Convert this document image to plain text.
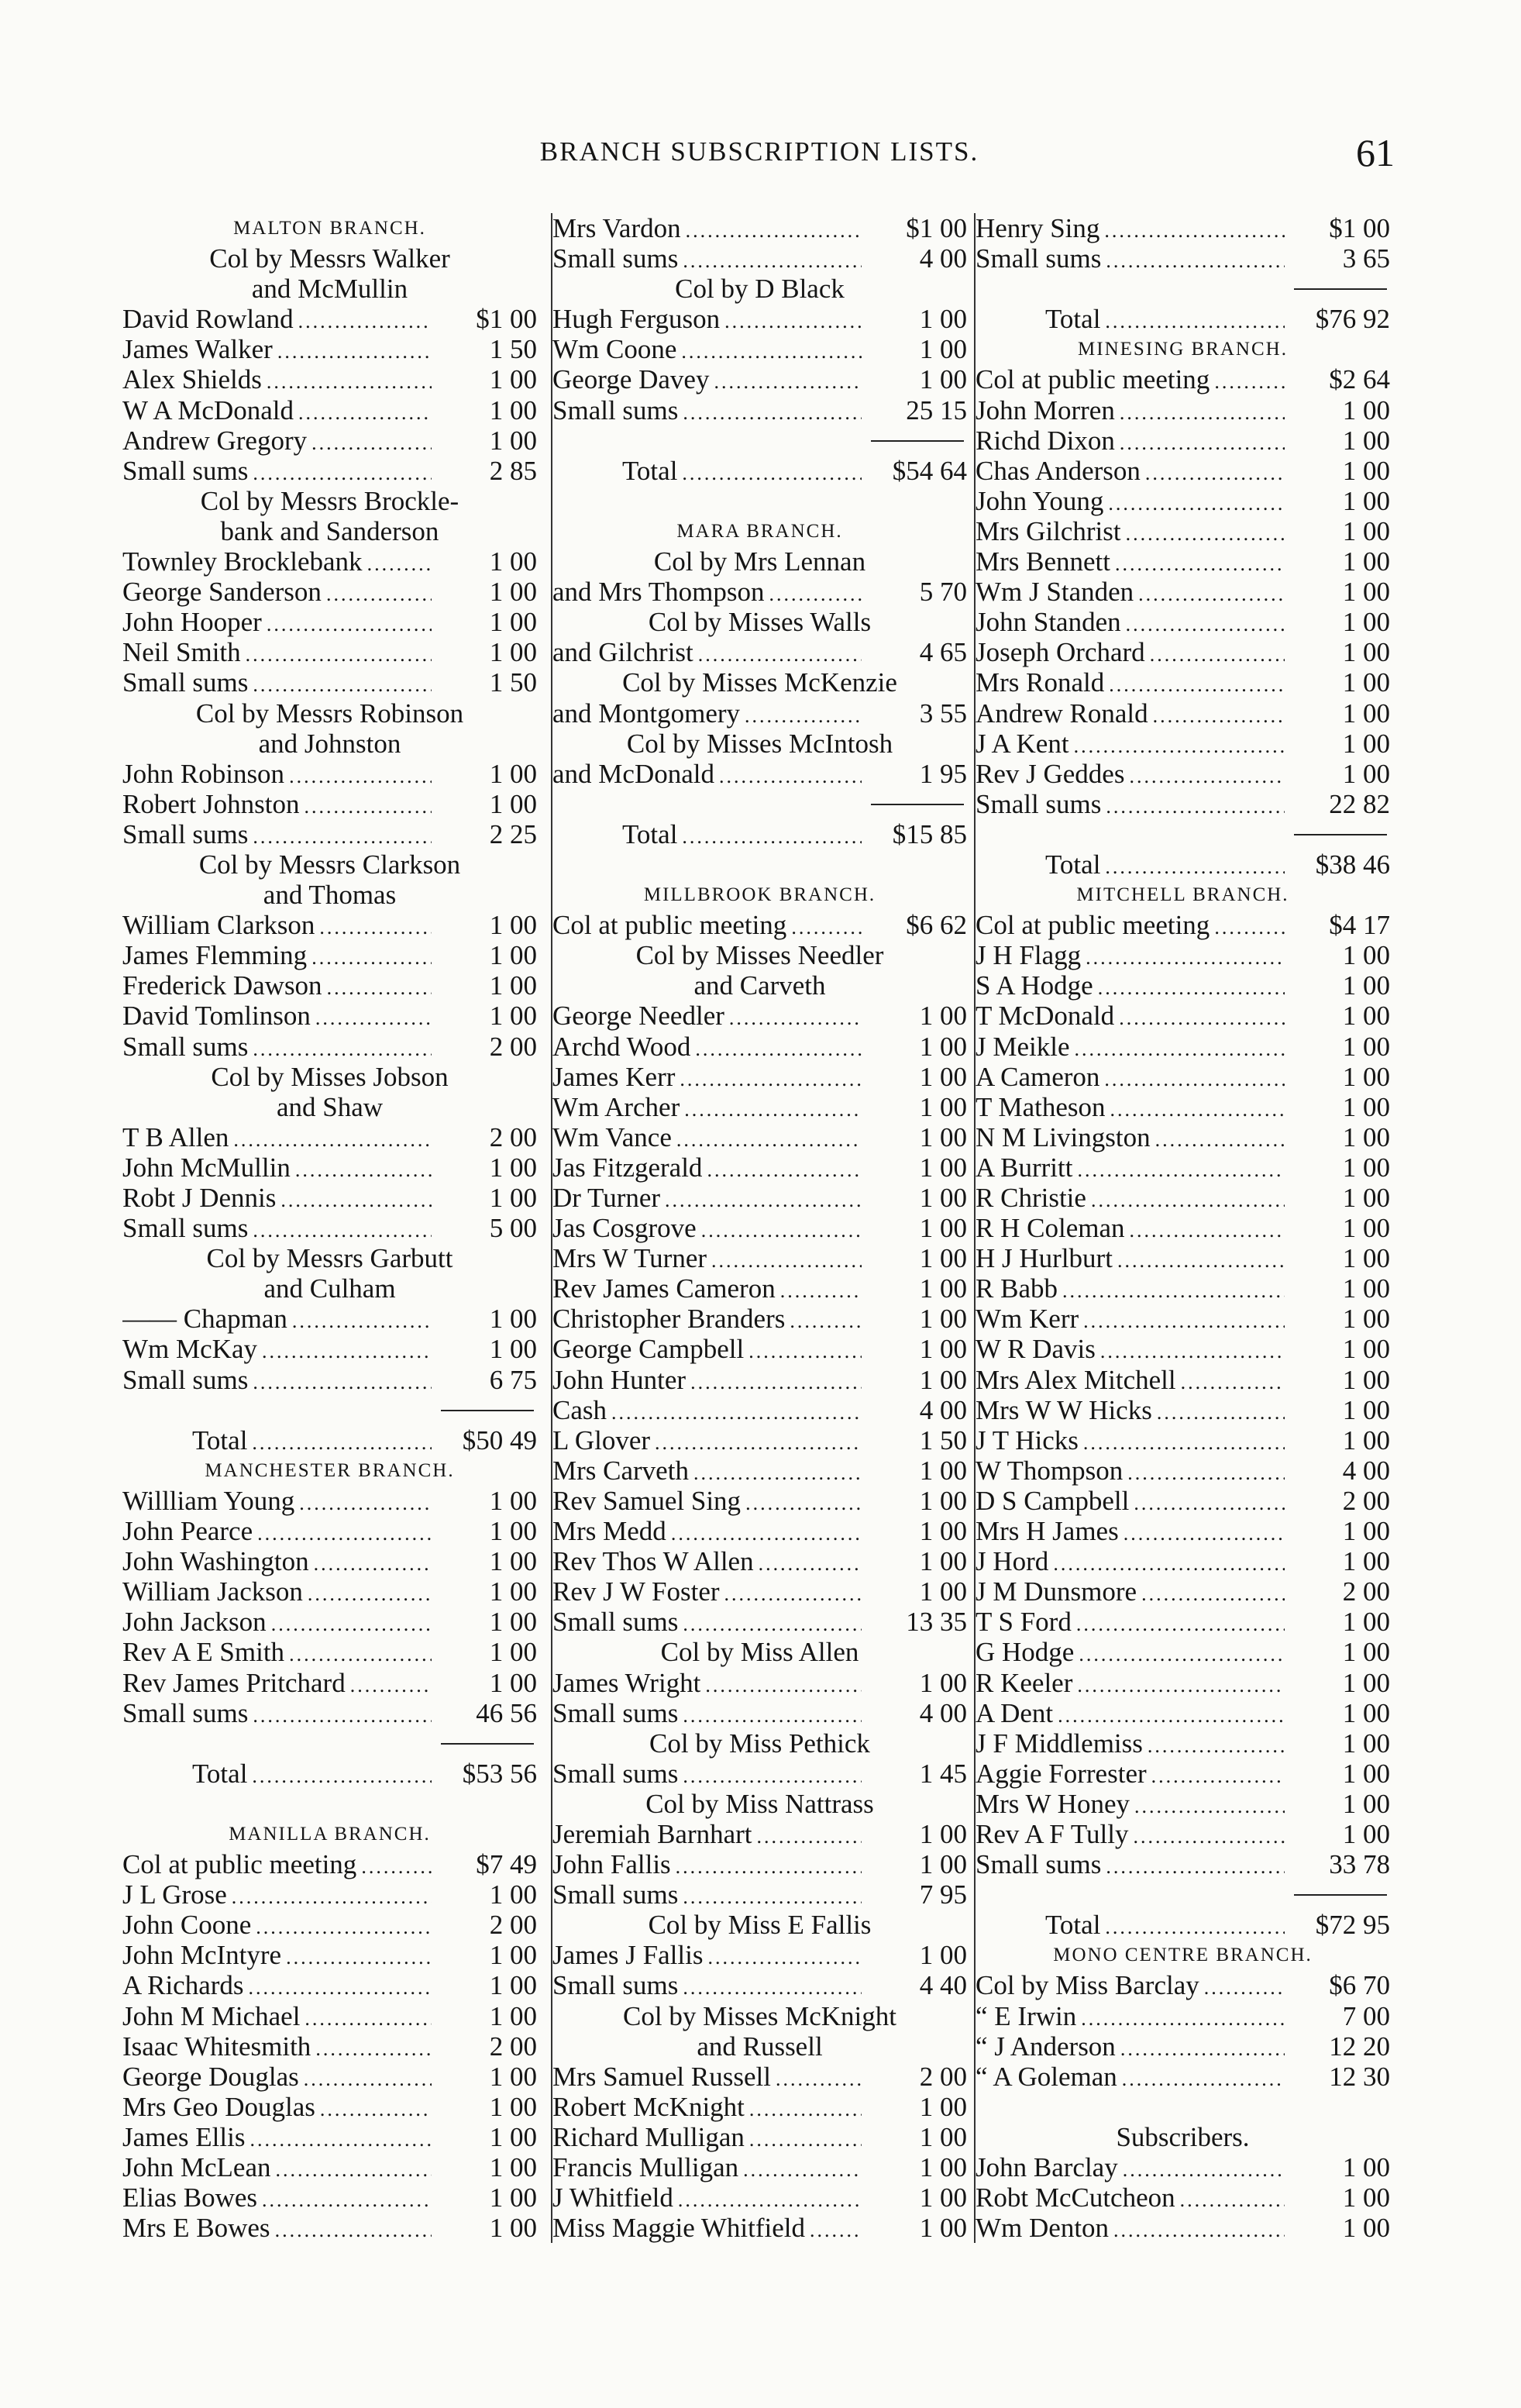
BRANCH SUBSCRIPTION LISTS.	61
MALTON BRANCH.
Col by Messrs Walker
and McMullin
David Rowland .....	$1 00
James Walker .....	1 50
Alex Shields .....	1 00
W A McDonald .....	1 00
Andrew Gregory .....	1 00
Small sums .....	2 85
Col by Messrs Brockle-
bank and Sanderson
Townley Brocklebank .....	1 00
George Sanderson .....	1 00
John Hooper .....	1 00
Neil Smith .....	1 00
Small sums .....	1 50
Col by Messrs Robinson
and Johnston
John Robinson .....	1 00
Robert Johnston .....	1 00
Small sums .....	2 25
Col by Messrs Clarkson
and Thomas
William Clarkson .....	1 00
James Flemming .....	1 00
Frederick Dawson .....	1 00
David Tomlinson .....	1 00
Small sums .....	2 00
Col by Misses Jobson
and Shaw
T B Allen .....	2 00
John McMullin .....	1 00
Robt J Dennis .....	1 00
Small sums .....	5 00
Col by Messrs Garbutt
and Culham
—— Chapman .....	1 00
Wm McKay .....	1 00
Small sums .....	6 75
Total .....	$50 49
MANCHESTER BRANCH.
Willliam Young .....	1 00
John Pearce .....	1 00
John Washington .....	1 00
William Jackson .....	1 00
John Jackson .....	1 00
Rev A E Smith .....	1 00
Rev James Pritchard .....	1 00
Small sums .....	46 56
Total .....	$53 56
MANILLA BRANCH.
Col at public meeting .....	$7 49
J L Grose .....	1 00
John Coone .....	2 00
John McIntyre .....	1 00
A Richards .....	1 00
John M Michael .....	1 00
Isaac Whitesmith .....	2 00
George Douglas .....	1 00
Mrs Geo Douglas .....	1 00
James Ellis .....	1 00
John McLean .....	1 00
Elias Bowes .....	1 00
Mrs E Bowes .....	1 00
Mrs Vardon .....	$1 00
Small sums .....	4 00
Col by D Black
Hugh Ferguson .....	1 00
Wm Coone .....	1 00
George Davey .....	1 00
Small sums .....	25 15
Total .....	$54 64
MARA BRANCH.
Col by Mrs Lennan
and Mrs Thompson .....	5 70
Col by Misses Walls
and Gilchrist .....	4 65
Col by Misses McKenzie
and Montgomery .....	3 55
Col by Misses McIntosh
and McDonald .....	1 95
Total .....	$15 85
MILLBROOK BRANCH.
Col at public meeting .....	$6 62
Col by Misses Needler
and Carveth
George Needler .....	1 00
Archd Wood .....	1 00
James Kerr .....	1 00
Wm Archer .....	1 00
Wm Vance .....	1 00
Jas Fitzgerald .....	1 00
Dr Turner .....	1 00
Jas Cosgrove .....	1 00
Mrs W Turner .....	1 00
Rev James Cameron .....	1 00
Christopher Branders .....	1 00
George Campbell .....	1 00
John Hunter .....	1 00
Cash .....	4 00
L Glover .....	1 50
Mrs Carveth .....	1 00
Rev Samuel Sing .....	1 00
Mrs Medd .....	1 00
Rev Thos W Allen .....	1 00
Rev J W Foster .....	1 00
Small sums .....	13 35
Col by Miss Allen
James Wright .....	1 00
Small sums .....	4 00
Col by Miss Pethick
Small sums .....	1 45
Col by Miss Nattrass
Jeremiah Barnhart .....	1 00
John Fallis .....	1 00
Small sums .....	7 95
Col by Miss E Fallis
James J Fallis .....	1 00
Small sums .....	4 40
Col by Misses McKnight
and Russell
Mrs Samuel Russell .....	2 00
Robert McKnight .....	1 00
Richard Mulligan .....	1 00
Francis Mulligan .....	1 00
J Whitfield .....	1 00
Miss Maggie Whitfield .....	1 00
Henry Sing .....	$1 00
Small sums .....	3 65
Total .....	$76 92
MINESING BRANCH.
Col at public meeting .....	$2 64
John Morren .....	1 00
Richd Dixon .....	1 00
Chas Anderson .....	1 00
John Young .....	1 00
Mrs Gilchrist .....	1 00
Mrs Bennett .....	1 00
Wm J Standen .....	1 00
John Standen .....	1 00
Joseph Orchard .....	1 00
Mrs Ronald .....	1 00
Andrew Ronald .....	1 00
J A Kent .....	1 00
Rev J Geddes .....	1 00
Small sums .....	22 82
Total .....	$38 46
MITCHELL BRANCH.
Col at public meeting .....	$4 17
J H Flagg .....	1 00
S A Hodge .....	1 00
T McDonald .....	1 00
J Meikle .....	1 00
A Cameron .....	1 00
T Matheson .....	1 00
N M Livingston .....	1 00
A Burritt .....	1 00
R Christie .....	1 00
R H Coleman .....	1 00
H J Hurlburt .....	1 00
R Babb .....	1 00
Wm Kerr .....	1 00
W R Davis .....	1 00
Mrs Alex Mitchell .....	1 00
Mrs W W Hicks .....	1 00
J T Hicks .....	1 00
W Thompson .....	4 00
D S Campbell .....	2 00
Mrs H James .....	1 00
J Hord .....	1 00
J M Dunsmore .....	2 00
T S Ford .....	1 00
G Hodge .....	1 00
R Keeler .....	1 00
A Dent .....	1 00
J F Middlemiss .....	1 00
Aggie Forrester .....	1 00
Mrs W Honey .....	1 00
Rev A F Tully .....	1 00
Small sums .....	33 78
Total .....	$72 95
MONO CENTRE BRANCH.
Col by Miss Barclay .....	$6 70
“ E Irwin .....	7 00
“ J Anderson .....	12 20
“ A Goleman .....	12 30
Subscribers.
John Barclay .....	1 00
Robt McCutcheon .....	1 00
Wm Denton .....	1 00
